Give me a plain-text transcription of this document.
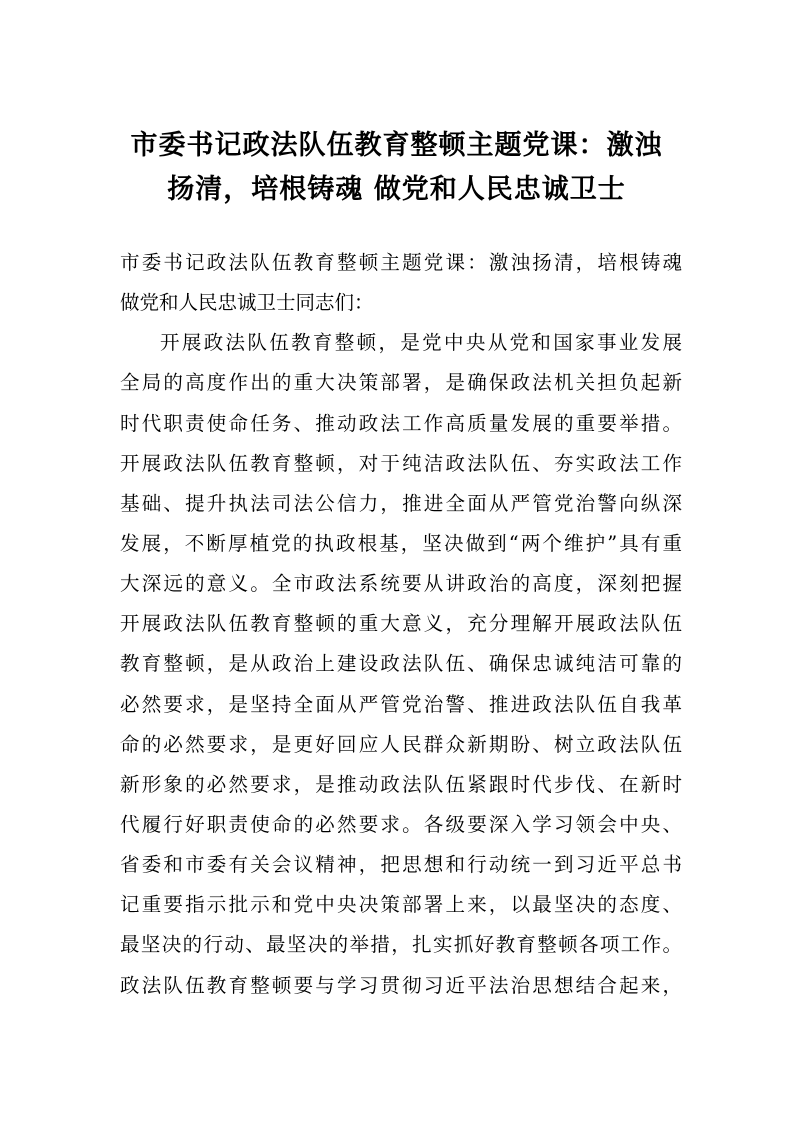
市委书记政法队伍教育整顿主题党课：激浊
扬清，培根铸魂 做党和人民忠诚卫士
市委书记政法队伍教育整顿主题党课：激浊扬清，培根铸魂
做党和人民忠诚卫士同志们：
开展政法队伍教育整顿，是党中央从党和国家事业发展
全局的高度作出的重大决策部署，是确保政法机关担负起新
时代职责使命任务、推动政法工作高质量发展的重要举措。
开展政法队伍教育整顿，对于纯洁政法队伍、夯实政法工作
基础、提升执法司法公信力，推进全面从严管党治警向纵深
发展，不断厚植党的执政根基，坚决做到“两个维护”具有重
大深远的意义。全市政法系统要从讲政治的高度，深刻把握
开展政法队伍教育整顿的重大意义，充分理解开展政法队伍
教育整顿，是从政治上建设政法队伍、确保忠诚纯洁可靠的
必然要求，是坚持全面从严管党治警、推进政法队伍自我革
命的必然要求，是更好回应人民群众新期盼、树立政法队伍
新形象的必然要求，是推动政法队伍紧跟时代步伐、在新时
代履行好职责使命的必然要求。各级要深入学习领会中央、
省委和市委有关会议精神，把思想和行动统一到习近平总书
记重要指示批示和党中央决策部署上来，以最坚决的态度、
最坚决的行动、最坚决的举措，扎实抓好教育整顿各项工作。
政法队伍教育整顿要与学习贯彻习近平法治思想结合起来，
